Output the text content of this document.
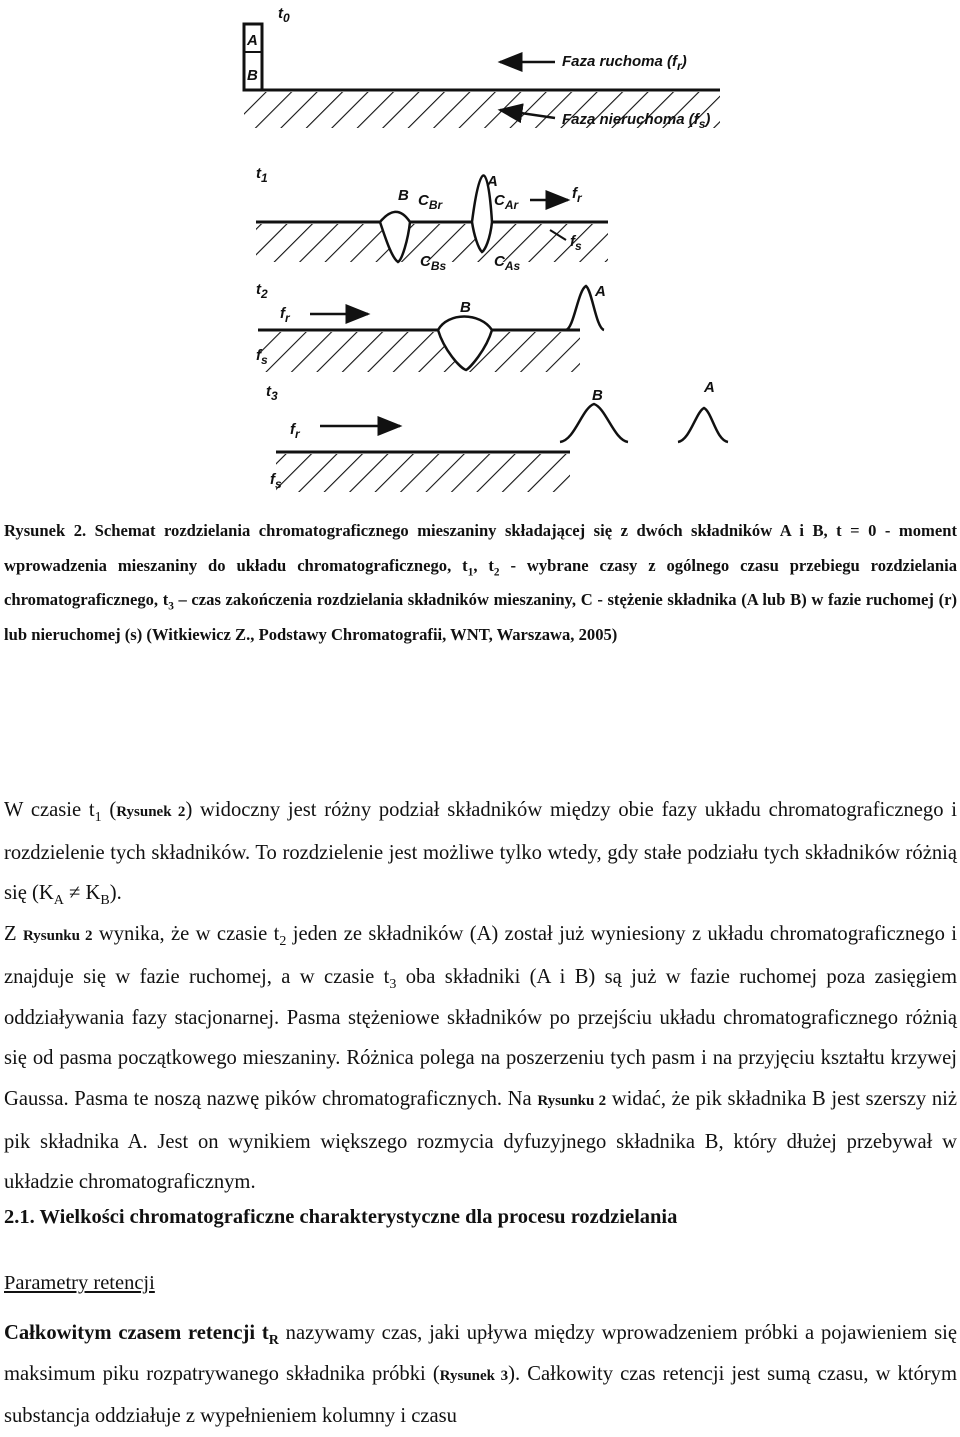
$t_0$
A
B
Faza ruchoma $(f_r)$
Faza nieruchoma $(f_s)$
$t_1$
B
A
$C_{Br}$	$C_{Ar}$
$C_{Bs}$	$C_{As}$
$f_r$
$f_s$
$t_2$
B
A
$f_r$
$f_s$
$t_3$	B	A
$f_r$
$f_s$

Rysunek 2. Schemat rozdzielania chromatograficznego mieszaniny składającej się z dwóch składników A i B, t = 0 - moment wprowadzenia mieszaniny do układu chromatograficznego, $t_1$, $t_2$ - wybrane czasy z ogólnego czasu przebiegu rozdzielania chromatograficznego, $t_3$ – czas zakończenia rozdzielania składników mieszaniny, C - stężenie składnika (A lub B) w fazie ruchomej (r) lub nieruchomej (s) (Witkiewicz Z., Podstawy Chromatografii, WNT, Warszawa, 2005)

W czasie $t_1$ (Rysunek 2) widoczny jest różny podział składników między obie fazy układu chromatograficznego i rozdzielenie tych składników. To rozdzielenie jest możliwe tylko wtedy, gdy stałe podziału tych składników różnią się $(K_A \ne K_B)$.

Z Rysunku 2 wynika, że w czasie $t_2$ jeden ze składników (A) został już wyniesiony z układu chromatograficznego i znajduje się w fazie ruchomej, a w czasie $t_3$ oba składniki (A i B) są już w fazie ruchomej poza zasięgiem oddziaływania fazy stacjonarnej. Pasma stężeniowe składników po przejściu układu chromatograficznego różnią się od pasma początkowego mieszaniny. Różnica polega na poszerzeniu tych pasm i na przyjęciu kształtu krzywej Gaussa. Pasma te noszą nazwę pików chromatograficznych. Na Rysunku 2 widać, że pik składnika B jest szerszy niż pik składnika A. Jest on wynikiem większego rozmycia dyfuzyjnego składnika B, który dłużej przebywał w układzie chromatograficznym.

2.1. Wielkości chromatograficzne charakterystyczne dla procesu rozdzielania
Parametry retencji

Całkowitym czasem retencji $t_R$ nazywamy czas, jaki upływa między wprowadzeniem próbki a pojawieniem się maksimum piku rozpatrywanego składnika próbki (Rysunek 3). Całkowity czas retencji jest sumą czasu, w którym substancja oddziałuje z wypełnieniem kolumny i czasu
